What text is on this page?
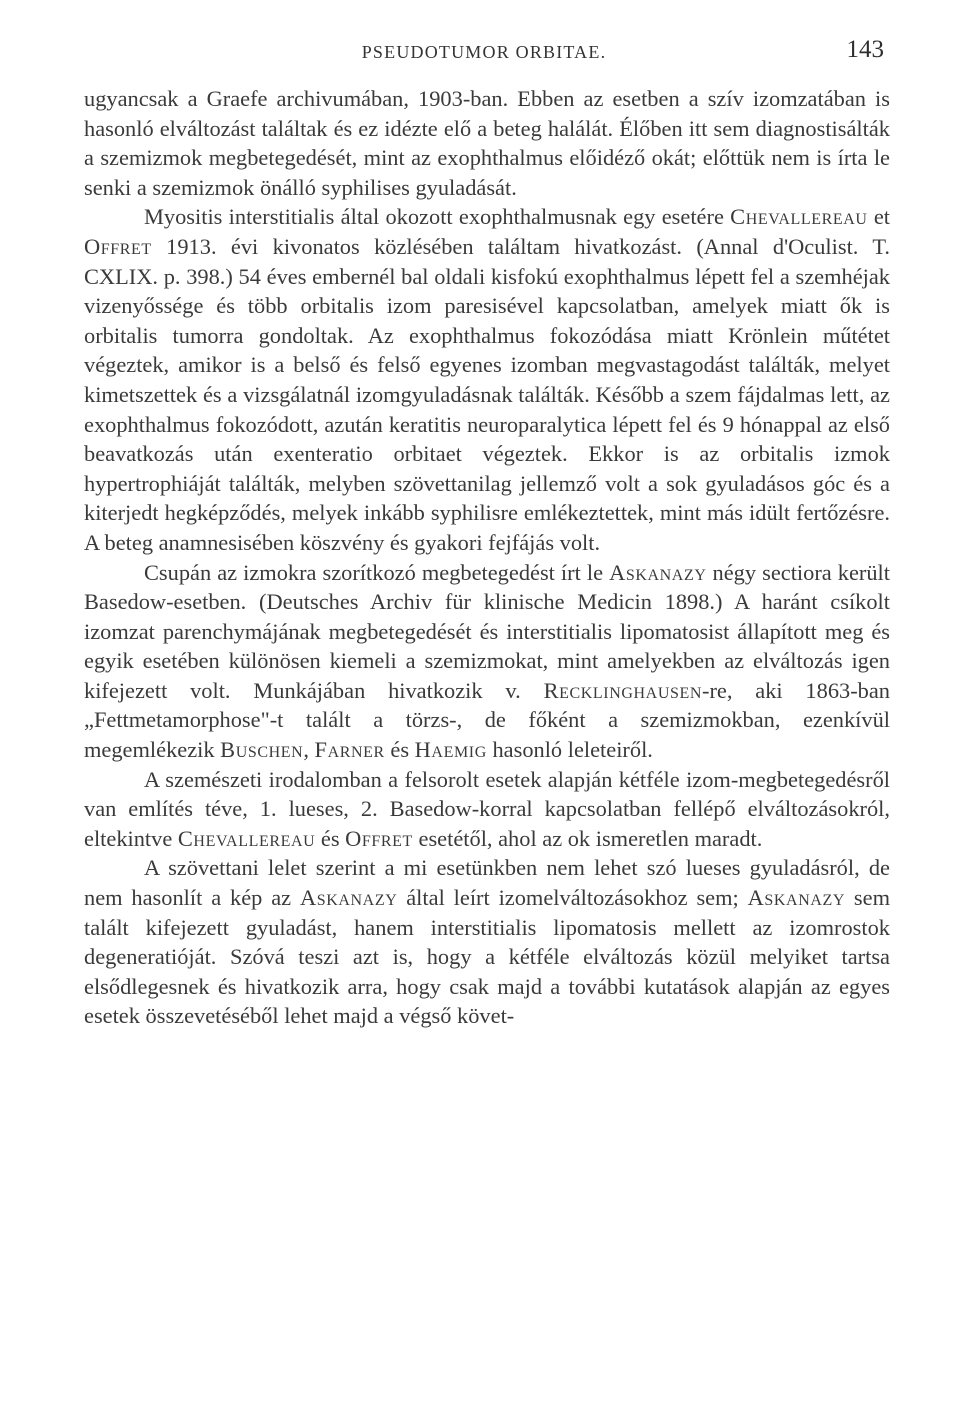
PSEUDOTUMOR ORBITAE.	143

ugyancsak a Graefe archivumában, 1903-ban. Ebben az esetben a szív izomzatában is hasonló elváltozást találtak és ez idézte elő a beteg halálát. Élőben itt sem diagnostisálták a szemizmok megbetegedését, mint az exophthalmus előidéző okát; előttük nem is írta le senki a szemizmok önálló syphilises gyuladását.

Myositis interstitialis által okozott exophthalmusnak egy esetére Chevallereau et Offret 1913. évi kivonatos közlésében találtam hivatkozást. (Annal d'Oculist. T. CXLIX. p. 398.) 54 éves embernél bal oldali kisfokú exophthalmus lépett fel a szemhéjak vizenyőssége és több orbitalis izom paresisével kapcsolatban, amelyek miatt ők is orbitalis tumorra gondoltak. Az exophthalmus fokozódása miatt Krönlein műtétet végeztek, amikor is a belső és felső egyenes izomban megvastagodást találták, melyet kimetszettek és a vizsgálatnál izomgyuladásnak találták. Később a szem fájdalmas lett, az exophthalmus fokozódott, azután keratitis neuroparalytica lépett fel és 9 hónappal az első beavatkozás után exenteratio orbitaet végeztek. Ekkor is az orbitalis izmok hypertrophiáját találták, melyben szövettanilag jellemző volt a sok gyuladásos góc és a kiterjedt hegképződés, melyek inkább syphilisre emlékeztettek, mint más idült fertőzésre. A beteg anamnesisében köszvény és gyakori fejfájás volt.

Csupán az izmokra szorítkozó megbetegedést írt le Askanazy négy sectiora került Basedow-esetben. (Deutsches Archiv für klinische Medicin 1898.) A haránt csíkolt izomzat parenchymájának megbetegedését és interstitialis lipomatosist állapított meg és egyik esetében különösen kiemeli a szemizmokat, mint amelyekben az elváltozás igen kifejezett volt. Munkájában hivatkozik v. Recklinghausen-re, aki 1863-ban „Fettmetamorphose"-t talált a törzs-, de főként a szemizmokban, ezenkívül megemlékezik Buschen, Farner és Haemig hasonló leleteiről.

A szemészeti irodalomban a felsorolt esetek alapján kétféle izom-megbetegedésről van említés téve, 1. lueses, 2. Basedow-korral kapcsolatban fellépő elváltozásokról, eltekintve Chevallereau és Offret esetétől, ahol az ok ismeretlen maradt.

A szövettani lelet szerint a mi esetünkben nem lehet szó lueses gyuladásról, de nem hasonlít a kép az Askanazy által leírt izomelváltozásokhoz sem; Askanazy sem talált kifejezett gyuladást, hanem interstitialis lipomatosis mellett az izomrostok degeneratióját. Szóvá teszi azt is, hogy a kétféle elváltozás közül melyiket tartsa elsődlegesnek és hivatkozik arra, hogy csak majd a további kutatások alapján az egyes esetek összevetéséből lehet majd a végső követ-
